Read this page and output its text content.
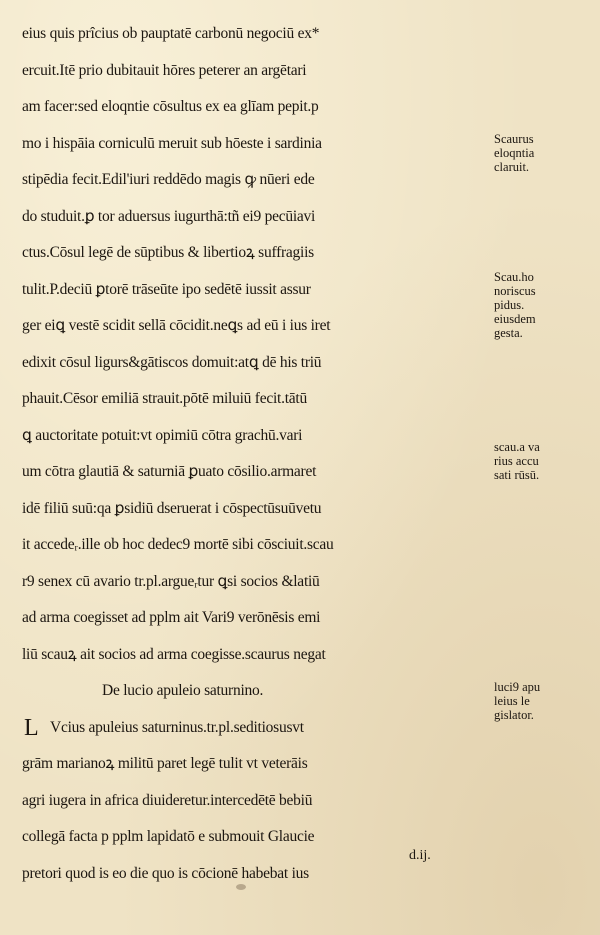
eius quis prîcius ob pauptatē carbonū negociū ex*
ercuit.Itē prio dubitauit hōres peterer an argētari
am facer:sed eloqntie cōsultus ex ea glīam pepit.p
mo i hispāia corniculū meruit sub hōeste i sardinia
stipēdia fecit.Edil'iuri reddēdo magis ꝙ nūeri ede
do studuit.ꝑ tor aduersus iugurthā:tñ ei9 pecūiavi
ctus.Cōsul legē de sūptibus & libertioꝝ suffragiis
tulit.P.deciū ꝑtorē trāseūte ipo sedētē iussit assur
ger eiꝗ vestē scidit sellā cōcidit.neꝗs ad eū i ius iret
edixit cōsul ligurs&gātiscos domuit:atꝗ dē his triū
phauit.Cēsor emiliā strauit.pōtē miluiū fecit.tātū
ꝗ auctoritate potuit:vt opimiū cōtra grachū.vari
um cōtra glautiā & saturniā ꝑuato cōsilio.armaret
idē filiū suū:qa ꝑsidiū dseruerat i cōspectūsuūvetu
it accedeᵣ.ille ob hoc dedec9 mortē sibi cōsciuit.scau
r9 senex cū avario tr.pl.argueᵣtur ꝗsi socios &latiū
ad arma coegisset ad pplm ait Vari9 verōnēsis emi
liū scauꝝ ait socios ad arma coegisse.scaurus negat
De lucio apuleio saturnino.
L Vcius apuleius saturninus.tr.pl.seditiosusvt
grām marianoꝝ militū paret legē tulit vt veterāis
agri iugera in africa diuideretur.intercedētē bebiū
collegā facta p pplm lapidatō e submouit Glaucie
pretori quod is eo die quo is cōcionē habebat ius
Scaurus
eloqntia
claruit.
Scau.ho
noriscus
pidus.
eiusdem
gesta.
scau.a va
rius accu
sati rūsū.
luci9 apu
leius le
gislator.
d.ij.
